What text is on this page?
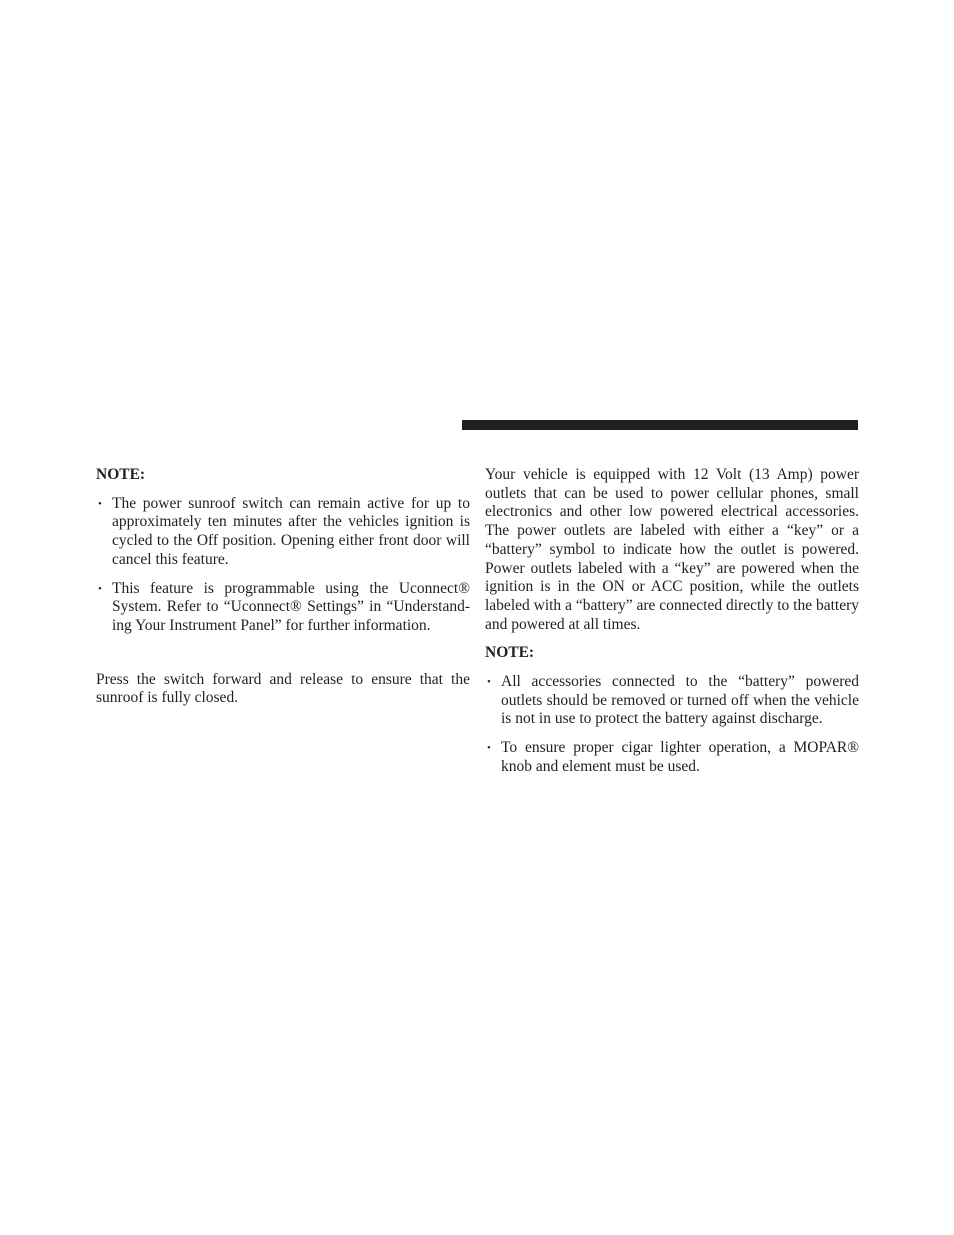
NOTE:
• The power sunroof switch can remain active for up to approximately ten minutes after the vehicles ignition is cycled to the Off position. Opening either front door will cancel this feature.
• This feature is programmable using the Uconnect® System. Refer to “Uconnect® Settings” in “Understand-ing Your Instrument Panel” for further information.

Press the switch forward and release to ensure that the sunroof is fully closed.

Your vehicle is equipped with 12 Volt (13 Amp) power outlets that can be used to power cellular phones, small electronics and other low powered electrical accessories. The power outlets are labeled with either a “key” or a “battery” symbol to indicate how the outlet is powered. Power outlets labeled with a “key” are powered when the ignition is in the ON or ACC position, while the outlets labeled with a “battery” are connected directly to the battery and powered at all times.

NOTE:
• All accessories connected to the “battery” powered outlets should be removed or turned off when the vehicle is not in use to protect the battery against discharge.
• To ensure proper cigar lighter operation, a MOPAR® knob and element must be used.
